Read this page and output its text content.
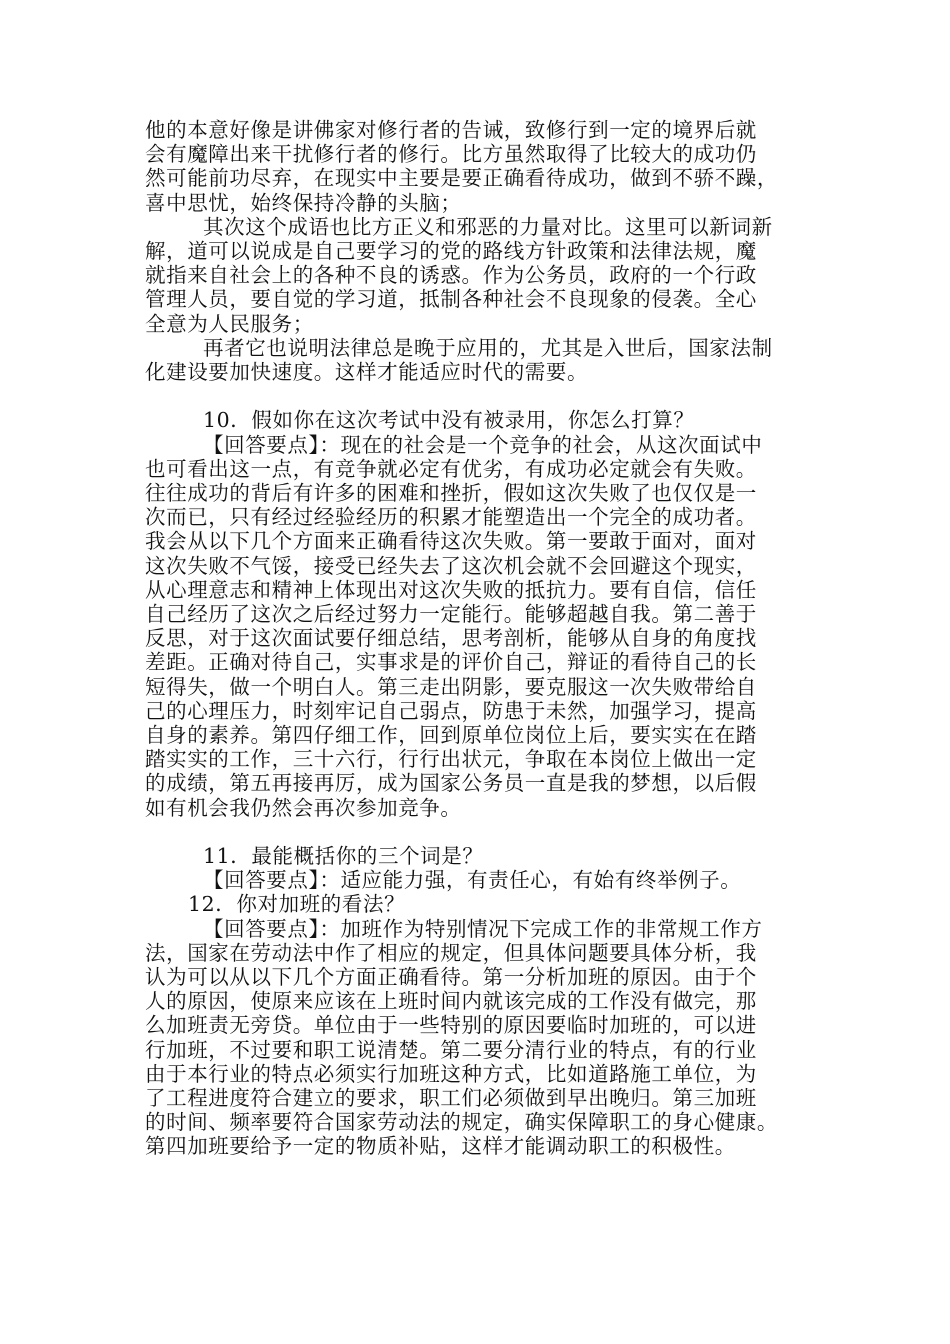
他的本意好像是讲佛家对修行者的告诫，致修行到一定的境界后就
会有魔障出来干扰修行者的修行。比方虽然取得了比较大的成功仍
然可能前功尽弃，在现实中主要是要正确看待成功，做到不骄不躁，
喜中思忧，始终保持冷静的头脑；
其次这个成语也比方正义和邪恶的力量对比。这里可以新词新
解，道可以说成是自己要学习的党的路线方针政策和法律法规，魔
就指来自社会上的各种不良的诱惑。作为公务员，政府的一个行政
管理人员，要自觉的学习道，抵制各种社会不良现象的侵袭。全心
全意为人民服务；
再者它也说明法律总是晚于应用的，尤其是入世后，国家法制
化建设要加快速度。这样才能适应时代的需要。
10．假如你在这次考试中没有被录用，你怎么打算？
【回答要点】：现在的社会是一个竞争的社会，从这次面试中
也可看出这一点，有竞争就必定有优劣，有成功必定就会有失败。
往往成功的背后有许多的困难和挫折，假如这次失败了也仅仅是一
次而已，只有经过经验经历的积累才能塑造出一个完全的成功者。
我会从以下几个方面来正确看待这次失败。第一要敢于面对，面对
这次失败不气馁，接受已经失去了这次机会就不会回避这个现实，
从心理意志和精神上体现出对这次失败的抵抗力。要有自信，信任
自己经历了这次之后经过努力一定能行。能够超越自我。第二善于
反思，对于这次面试要仔细总结，思考剖析，能够从自身的角度找
差距。正确对待自己，实事求是的评价自己，辩证的看待自己的长
短得失，做一个明白人。第三走出阴影，要克服这一次失败带给自
己的心理压力，时刻牢记自己弱点，防患于未然，加强学习，提高
自身的素养。第四仔细工作，回到原单位岗位上后，要实实在在踏
踏实实的工作，三十六行，行行出状元，争取在本岗位上做出一定
的成绩，第五再接再厉，成为国家公务员一直是我的梦想，以后假
如有机会我仍然会再次参加竞争。
11．最能概括你的三个词是？
【回答要点】：适应能力强，有责任心，有始有终举例子。
12．你对加班的看法？
【回答要点】：加班作为特别情况下完成工作的非常规工作方
法，国家在劳动法中作了相应的规定，但具体问题要具体分析，我
认为可以从以下几个方面正确看待。第一分析加班的原因。由于个
人的原因，使原来应该在上班时间内就该完成的工作没有做完，那
么加班责无旁贷。单位由于一些特别的原因要临时加班的，可以进
行加班，不过要和职工说清楚。第二要分清行业的特点，有的行业
由于本行业的特点必须实行加班这种方式，比如道路施工单位，为
了工程进度符合建立的要求，职工们必须做到早出晚归。第三加班
的时间、频率要符合国家劳动法的规定，确实保障职工的身心健康。
第四加班要给予一定的物质补贴，这样才能调动职工的积极性。
